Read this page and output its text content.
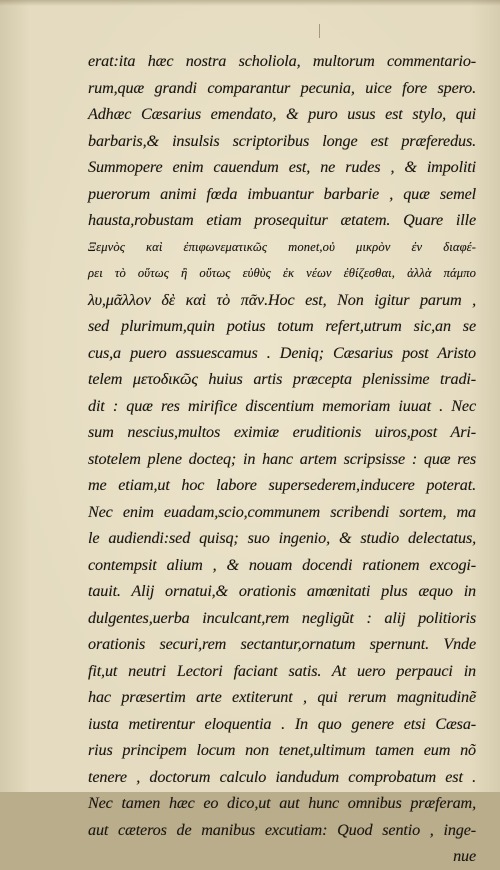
erat:ita hæc nostra scholiola, multorum commentario-
rum,quæ grandi comparantur pecunia, uice fore spero.
Adhæc Cæsarius emendato, & puro usus est stylo, qui
barbaris,& insulsis scriptoribus longe est præferedus.
Summopere enim cauendum est, ne rudes , & impoliti
puerorum animi fœda imbuantur barbarie , quæ semel
hausta,robustam etiam prosequitur ætatem. Quare ille
Ξεμνὸς καὶ ἐπιφωνεματικῶς monet,οὐ μικρὸν ἐν διαφέ-
ρει τὸ οὕτως ἢ οὕτως εὐθὺς ἐκ νέων ἐθίζεσθαι, ἀλλὰ πάμπο
λυ,μᾶλλον δὲ καὶ τὸ πᾶν.Hoc est, Non igitur parum ,
sed plurimum,quin potius totum refert,utrum sic,an se
cus,a puero assuescamus . Deniq; Cæsarius post Aristo
telem μετοδικῶς huius artis præcepta plenissime tradi-
dit : quæ res mirifice discentium memoriam iuuat . Nec
sum nescius,multos eximiæ eruditionis uiros,post Ari-
stotelem plene docteq; in hanc artem scripsisse : quæ res
me etiam,ut hoc labore supersederem,inducere poterat.
Nec enim euadam,scio,communem scribendi sortem, ma
le audiendi:sed quisq; suo ingenio, & studio delectatus,
contempsit alium , & nouam docendi rationem excogi-
tauit. Alij ornatui,& orationis amœnitati plus æquo in
dulgentes,uerba inculcant,rem negligũt : alij politioris
orationis securi,rem sectantur,ornatum spernunt. Vnde
fit,ut neutri Lectori faciant satis. At uero perpauci in
hac præsertim arte extiterunt , qui rerum magnitudinẽ
iusta metirentur eloquentia . In quo genere etsi Cæsa-
rius principem locum non tenet,ultimum tamen eum nõ
tenere , doctorum calculo iandudum comprobatum est .
Nec tamen hæc eo dico,ut aut hunc omnibus præferam,
aut cæteros de manibus excutiam: Quod sentio , inge-
nue
